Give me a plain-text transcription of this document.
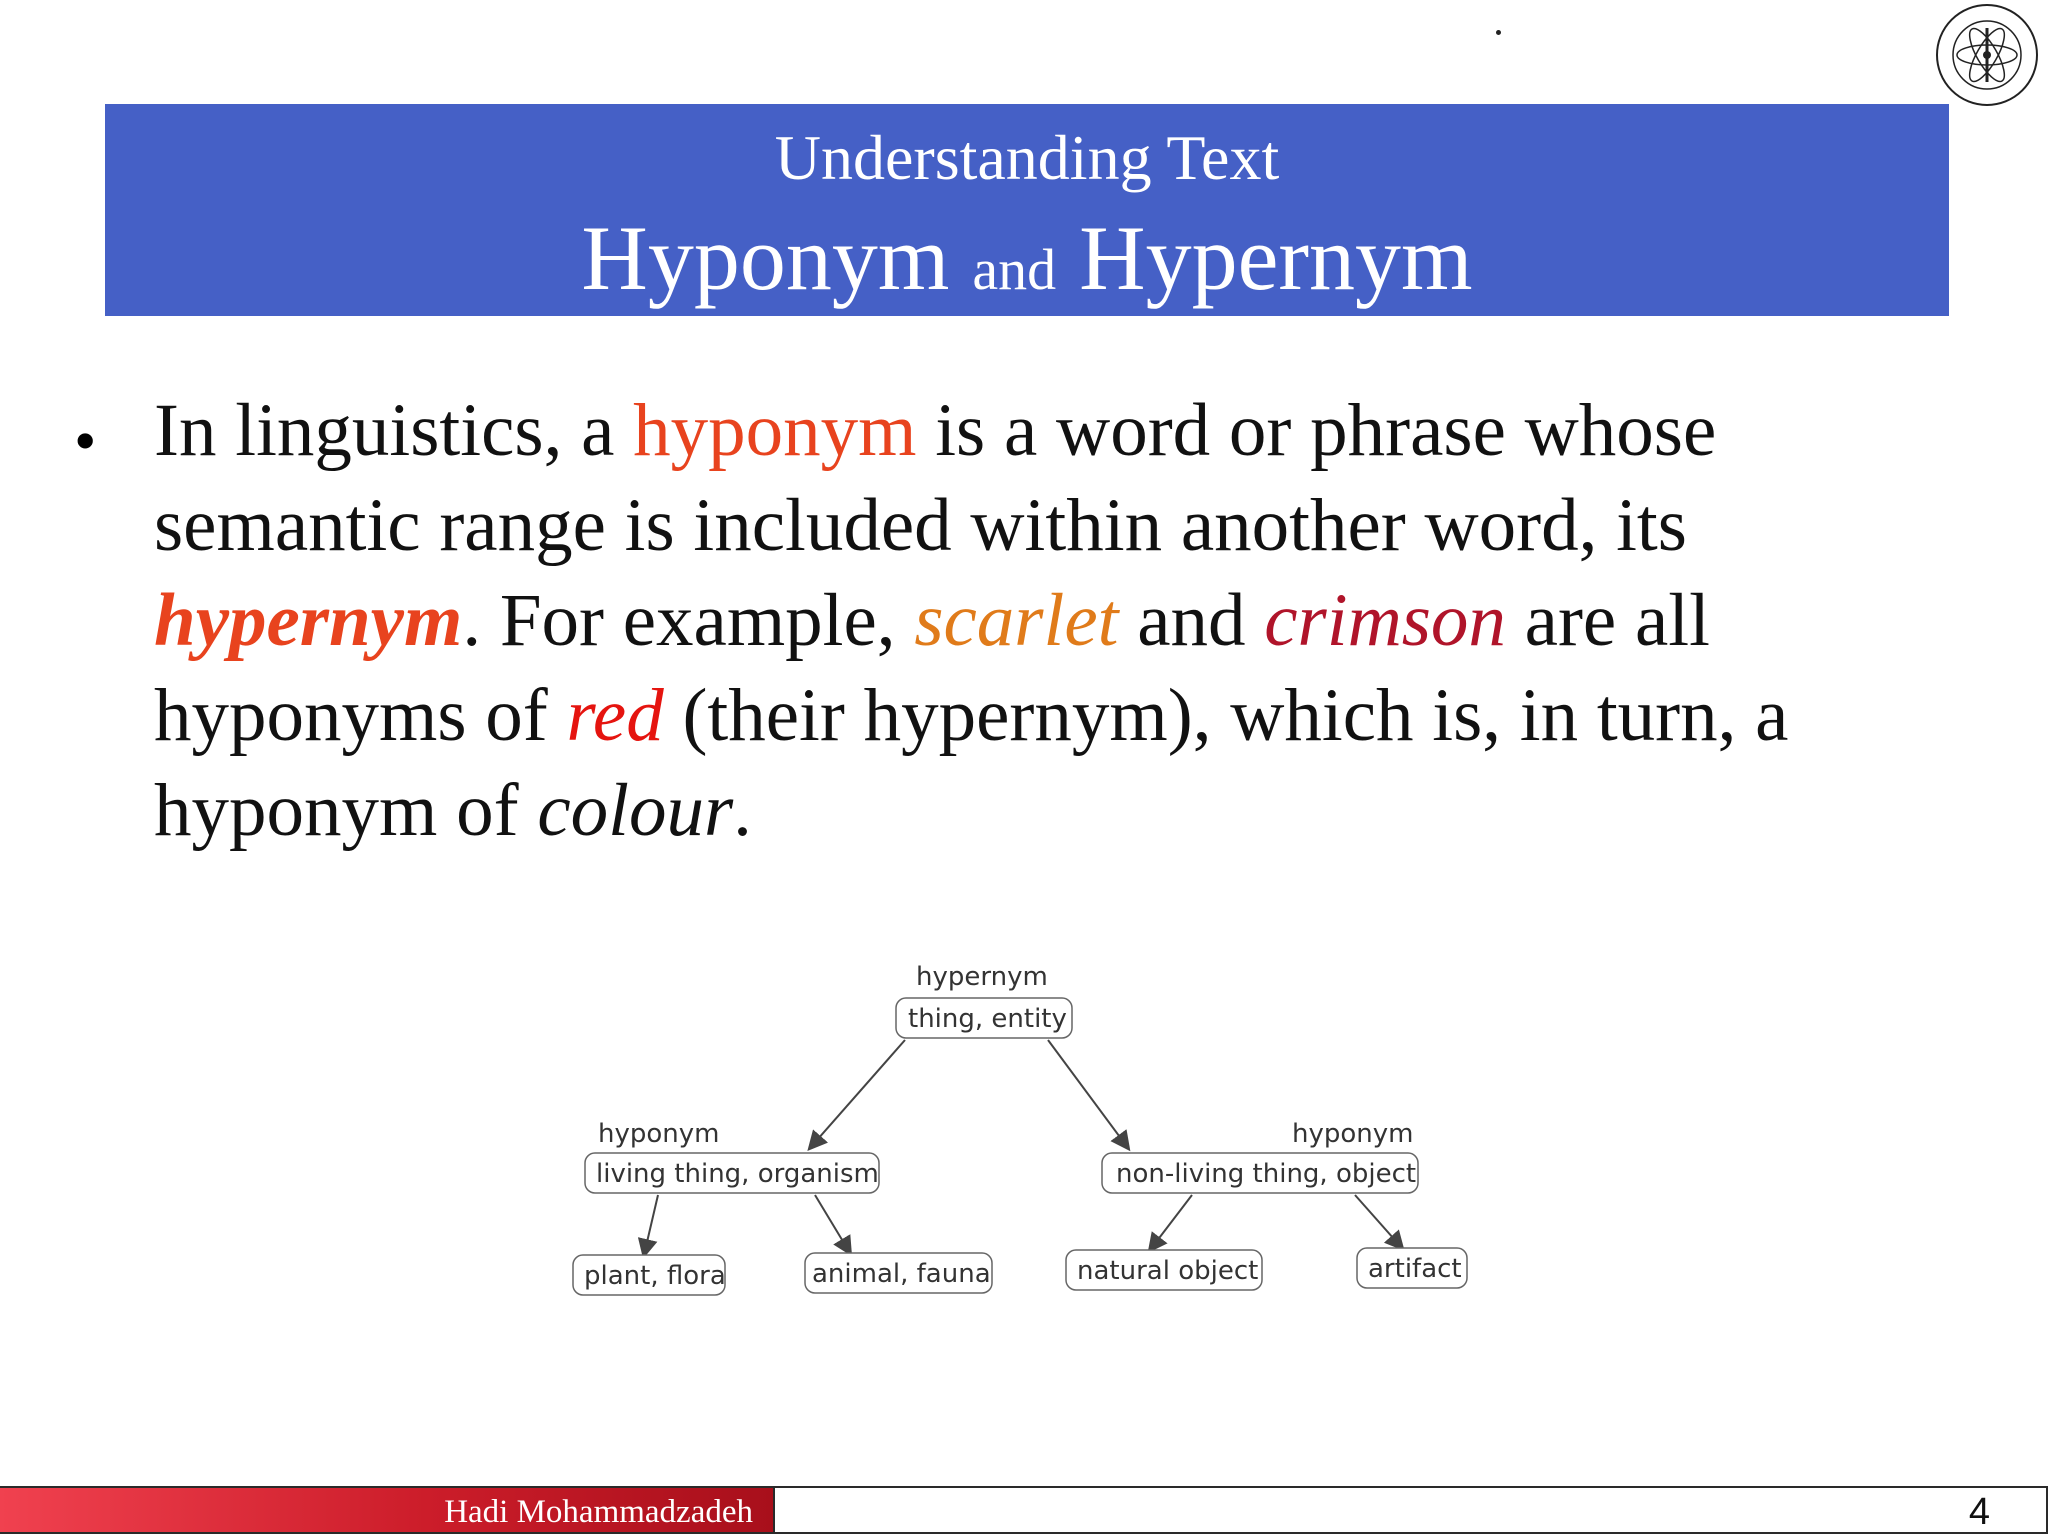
Understanding Text
Hyponym and Hypernym
• In linguistics, a hyponym is a word or phrase whose semantic range is included within another word, its hypernym. For example, scarlet and crimson are all hyponyms of red (their hypernym), which is, in turn, a hyponym of colour.
hypernym
thing, entity
hyponym
living thing, organism
hyponym
non-living thing, object
plant, flora	animal, fauna	natural object	artifact
Hadi Mohammadzadeh	4
